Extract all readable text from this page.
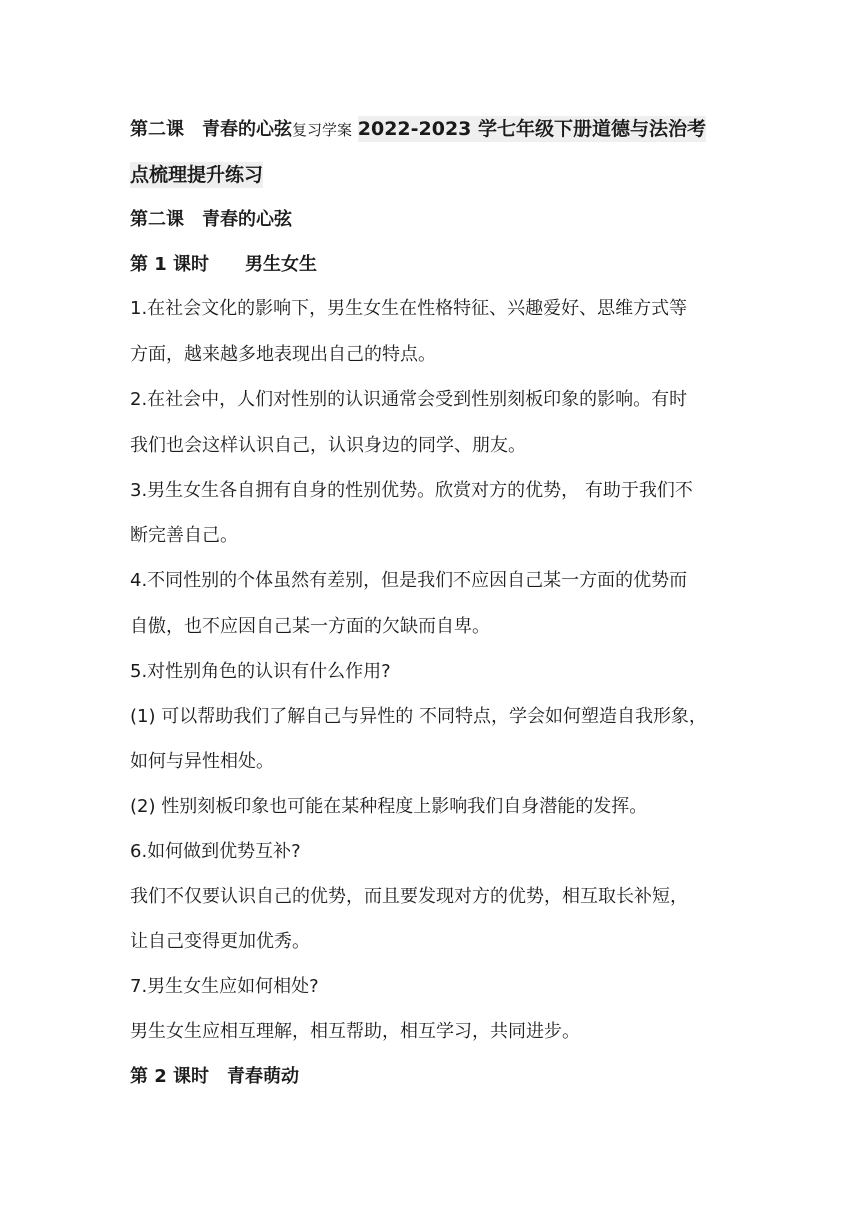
第二课　青春的心弦复习学案 2022-2023 学七年级下册道德与法治考
点梳理提升练习
第二课　青春的心弦
第 1 课时　　男生女生
1.在社会文化的影响下，男生女生在性格特征、兴趣爱好、思维方式等
方面，越来越多地表现出自己的特点。
2.在社会中，人们对性别的认识通常会受到性别刻板印象的影响。有时
我们也会这样认识自己，认识身边的同学、朋友。
3.男生女生各自拥有自身的性别优势。欣赏对方的优势， 有助于我们不
断完善自己。
4.不同性别的个体虽然有差别，但是我们不应因自己某一方面的优势而
自傲，也不应因自己某一方面的欠缺而自卑。
5.对性别角色的认识有什么作用?
(1) 可以帮助我们了解自己与异性的 不同特点，学会如何塑造自我形象，
如何与异性相处。
(2) 性别刻板印象也可能在某种程度上影响我们自身潜能的发挥。
6.如何做到优势互补?
我们不仅要认识自己的优势，而且要发现对方的优势，相互取长补短，
让自己变得更加优秀。
7.男生女生应如何相处?
男生女生应相互理解，相互帮助，相互学习，共同进步。
第 2 课时　青春萌动
